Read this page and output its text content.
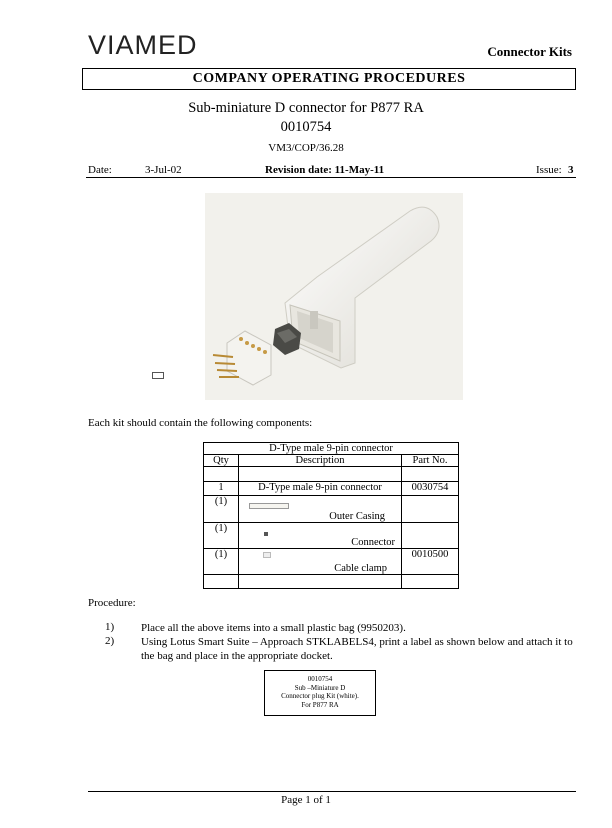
VIAMED	Connector Kits
COMPANY OPERATING PROCEDURES
Sub-miniature D connector for P877 RA
0010754
VM3/COP/36.28
Date:	3-Jul-02	Revision date: 11-May-11	Issue: 3
Each kit should contain the following components:
D-Type male 9-pin connector		
Qty	Description	Part No.

1	D-Type male 9-pin connector	0030754
(1)	Outer Casing	

(1)	Connector	

(1)	Cable clamp	0010500

Procedure:
1) Place all the above items into a small plastic bag (9950203).
2) Using Lotus Smart Suite – Approach STKLABELS4, print a label as shown below and attach it to the bag and place in the appropriate docket.
0010754
Sub –Miniature D
Connector plug Kit (white).
For P877 RA
Page 1 of 1
